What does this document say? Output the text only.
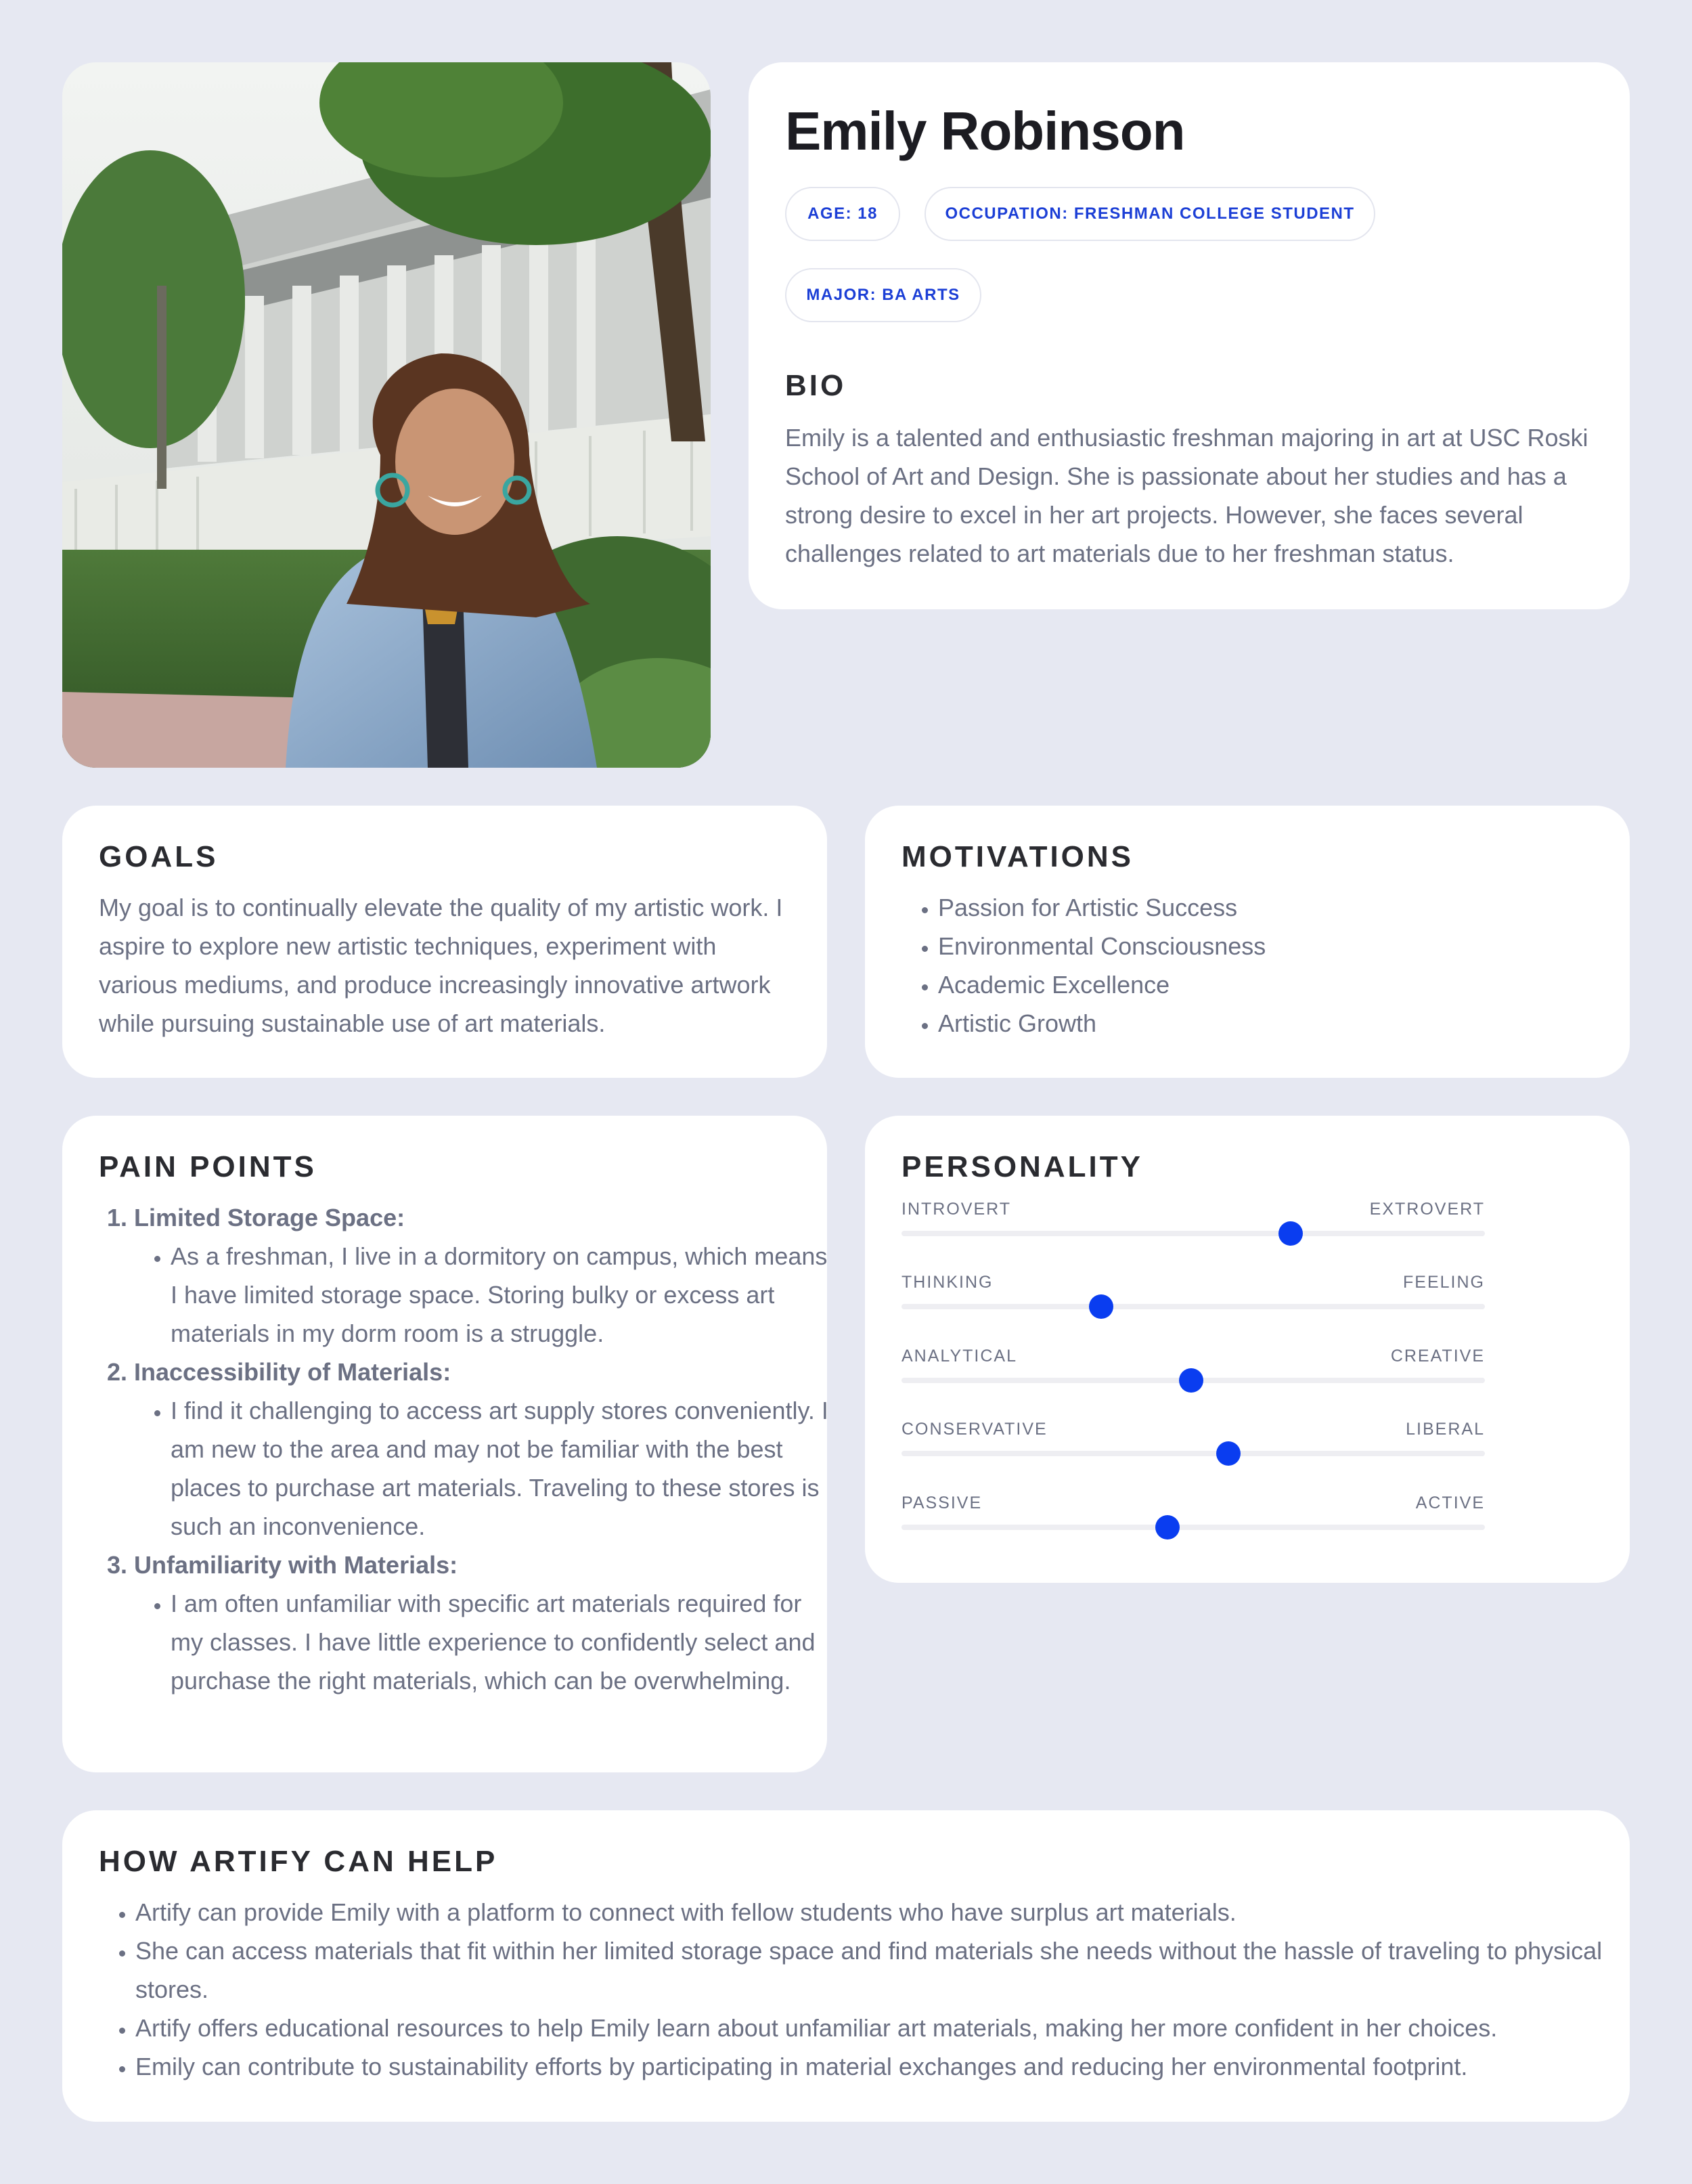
Emily Robinson
AGE: 18	OCCUPATION: FRESHMAN COLLEGE STUDENT
MAJOR: BA ARTS
BIO

Emily is a talented and enthusiastic freshman majoring in art at USC Roski School of Art and Design. She is passionate about her studies and has a strong desire to excel in her art projects. However, she faces several challenges related to art materials due to her freshman status.

GOALS

My goal is to continually elevate the quality of my artistic work. I aspire to explore new artistic techniques, experiment with various mediums, and produce increasingly innovative artwork while pursuing sustainable use of art materials.

MOTIVATIONS
• Passion for Artistic Success
• Environmental Consciousness
• Academic Excellence
• Artistic Growth
PAIN POINTS
1. Limited Storage Space:
• As a freshman, I live in a dormitory on campus, which means I have limited storage space. Storing bulky or excess art materials in my dorm room is a struggle.
2. Inaccessibility of Materials:
• I find it challenging to access art supply stores conveniently. I am new to the area and may not be familiar with the best places to purchase art materials. Traveling to these stores is such an inconvenience.
3. Unfamiliarity with Materials:
• I am often unfamiliar with specific art materials required for my classes. I have little experience to confidently select and purchase the right materials, which can be overwhelming.
PERSONALITY
INTROVERT	EXTROVERT
THINKING	FEELING
ANALYTICAL	CREATIVE
CONSERVATIVE	LIBERAL
PASSIVE	ACTIVE
HOW ARTIFY CAN HELP
• Artify can provide Emily with a platform to connect with fellow students who have surplus art materials.
• She can access materials that fit within her limited storage space and find materials she needs without the hassle of traveling to physical stores.
• Artify offers educational resources to help Emily learn about unfamiliar art materials, making her more confident in her choices.
• Emily can contribute to sustainability efforts by participating in material exchanges and reducing her environmental footprint.
